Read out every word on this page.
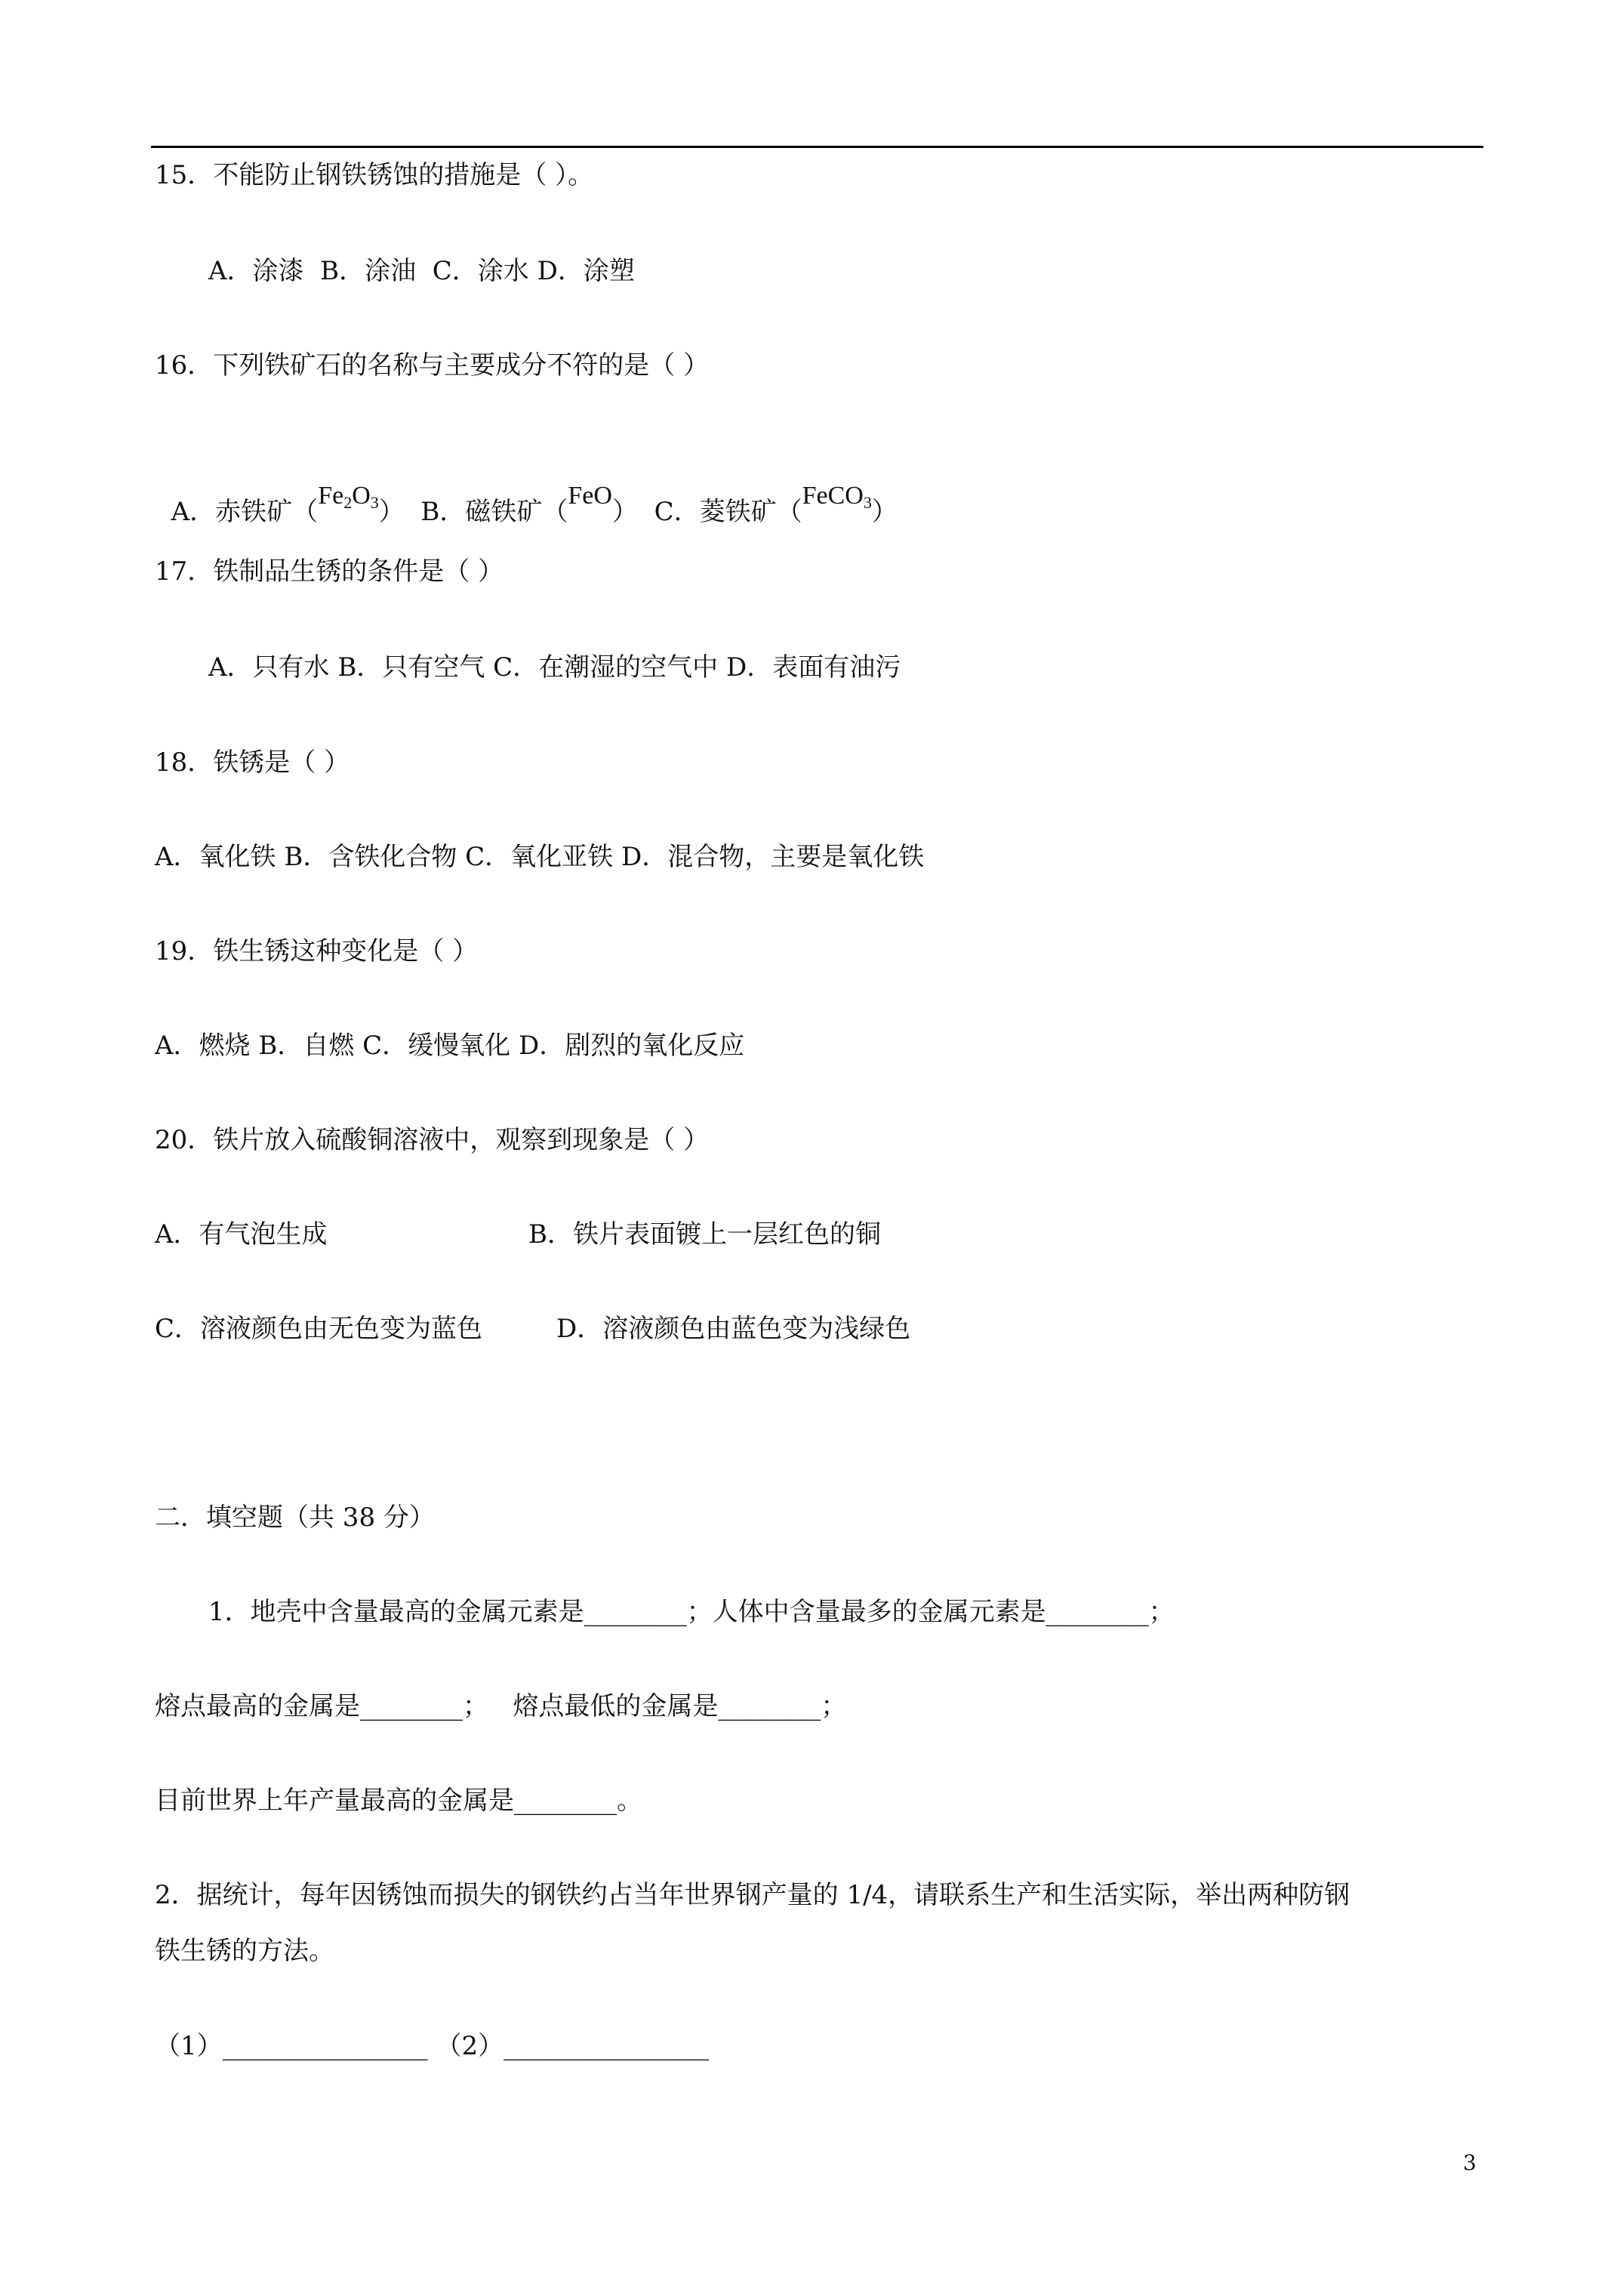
15．不能防止钢铁锈蚀的措施是（ ）。
A．涂漆  B．涂油  C．涂水 D．涂塑
16．下列铁矿石的名称与主要成分不符的是（ ）

A．赤铁矿$(Fe_2O_3)$ B．磁铁矿（FeO） C．菱铁矿（FeCO$_3$）

17．铁制品生锈的条件是（ ）
A．只有水 B．只有空气 C．在潮湿的空气中 D．表面有油污
18．铁锈是（ ）
A．氧化铁 B．含铁化合物 C．氧化亚铁 D．混合物，主要是氧化铁
19．铁生锈这种变化是（ ）
A．燃烧 B．自燃 C．缓慢氧化 D．剧烈的氧化反应
20．铁片放入硫酸铜溶液中，观察到现象是（ ）
A．有气泡生成	B．铁片表面镀上一层红色的铜
C．溶液颜色由无色变为蓝色	D．溶液颜色由蓝色变为浅绿色
二．填空题（共 38 分）
1．地壳中含量最高的金属元素是________；人体中含量最多的金属元素是________；
熔点最高的金属是________；   熔点最低的金属是________；
目前世界上年产量最高的金属是________。
2．据统计，每年因锈蚀而损失的钢铁约占当年世界钢产量的 1/4，请联系生产和生活实际，举出两种防钢
铁生锈的方法。
（1）________________ （2）________________
3
